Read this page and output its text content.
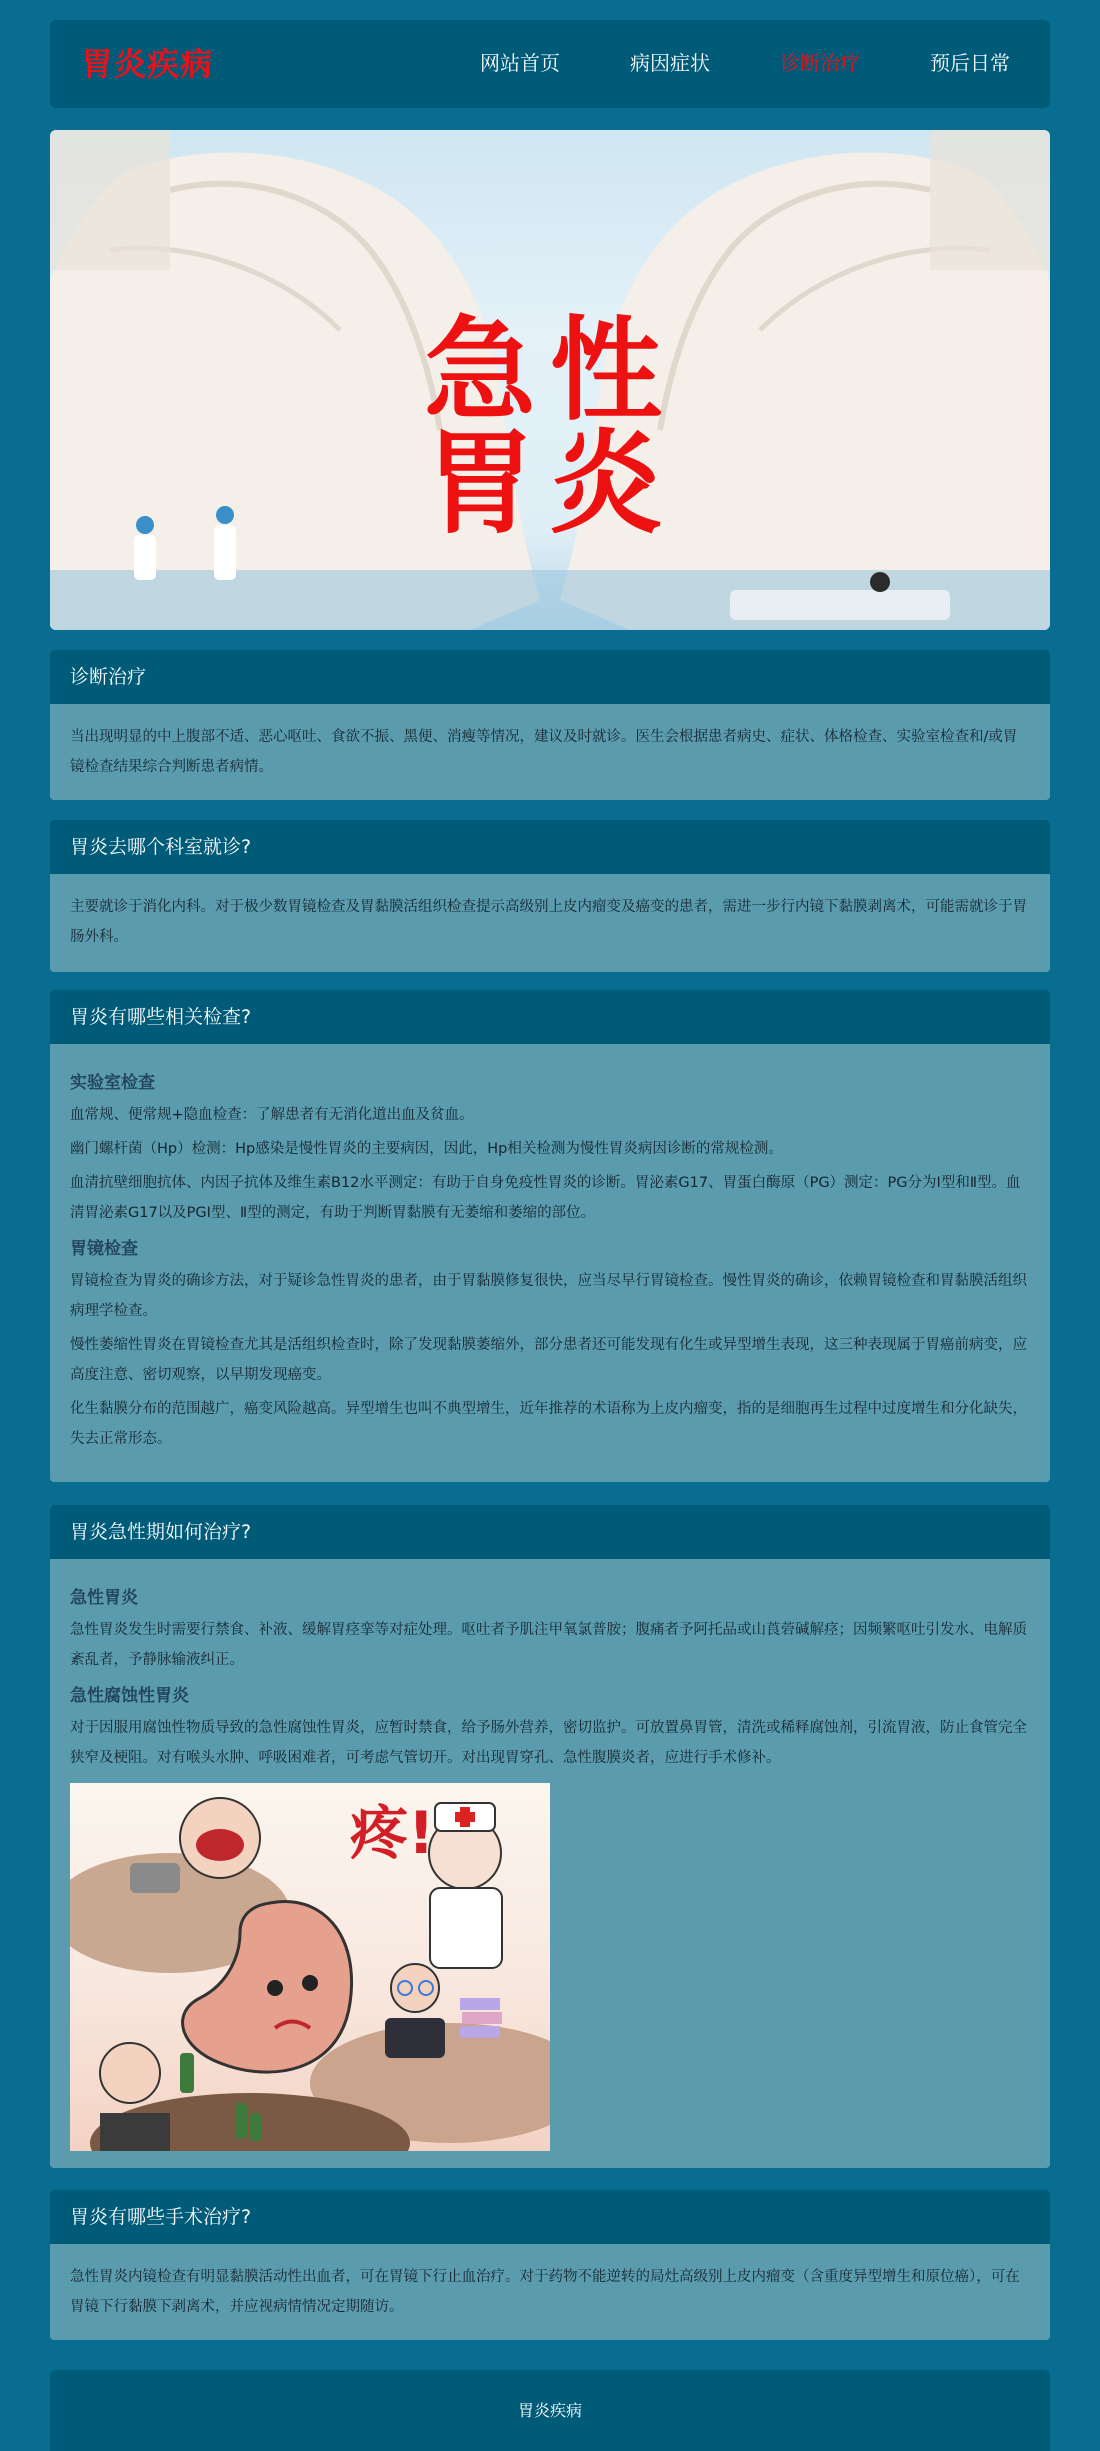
胃炎疾病	网站首页	病因症状	诊断治疗	预后日常
急性
胃炎
诊断治疗

当出现明显的中上腹部不适、恶心呕吐、食欲不振、黑便、消瘦等情况，建议及时就诊。医生会根据患者病史、症状、体格检查、实验室检查和/或胃镜检查结果综合判断患者病情。

胃炎去哪个科室就诊?

主要就诊于消化内科。对于极少数胃镜检查及胃黏膜活组织检查提示高级别上皮内瘤变及癌变的患者，需进一步行内镜下黏膜剥离术，可能需就诊于胃肠外科。

胃炎有哪些相关检查?
实验室检查

血常规、便常规+隐血检查：了解患者有无消化道出血及贫血。

幽门螺杆菌（Hp）检测：Hp感染是慢性胃炎的主要病因，因此，Hp相关检测为慢性胃炎病因诊断的常规检测。

血清抗壁细胞抗体、内因子抗体及维生素B12水平测定：有助于自身免疫性胃炎的诊断。胃泌素G17、胃蛋白酶原（PG）测定：PG分为Ⅰ型和Ⅱ型。血清胃泌素G17以及PGⅠ型、Ⅱ型的测定，有助于判断胃黏膜有无萎缩和萎缩的部位。

胃镜检查

胃镜检查为胃炎的确诊方法，对于疑诊急性胃炎的患者，由于胃黏膜修复很快，应当尽早行胃镜检查。慢性胃炎的确诊，依赖胃镜检查和胃黏膜活组织病理学检查。

慢性萎缩性胃炎在胃镜检查尤其是活组织检查时，除了发现黏膜萎缩外，部分患者还可能发现有化生或异型增生表现，这三种表现属于胃癌前病变，应高度注意、密切观察，以早期发现癌变。

化生黏膜分布的范围越广，癌变风险越高。异型增生也叫不典型增生，近年推荐的术语称为上皮内瘤变，指的是细胞再生过程中过度增生和分化缺失，失去正常形态。

胃炎急性期如何治疗?
急性胃炎

急性胃炎发生时需要行禁食、补液、缓解胃痉挛等对症处理。呕吐者予肌注甲氧氯普胺；腹痛者予阿托品或山莨菪碱解痉；因频繁呕吐引发水、电解质紊乱者，予静脉输液纠正。

急性腐蚀性胃炎

对于因服用腐蚀性物质导致的急性腐蚀性胃炎，应暂时禁食，给予肠外营养，密切监护。可放置鼻胃管，清洗或稀释腐蚀剂，引流胃液，防止食管完全狭窄及梗阻。对有喉头水肿、呼吸困难者，可考虑气管切开。对出现胃穿孔、急性腹膜炎者，应进行手术修补。

疼!
胃炎有哪些手术治疗?

急性胃炎内镜检查有明显黏膜活动性出血者，可在胃镜下行止血治疗。对于药物不能逆转的局灶高级别上皮内瘤变（含重度异型增生和原位癌），可在胃镜下行黏膜下剥离术，并应视病情情况定期随访。

胃炎疾病
